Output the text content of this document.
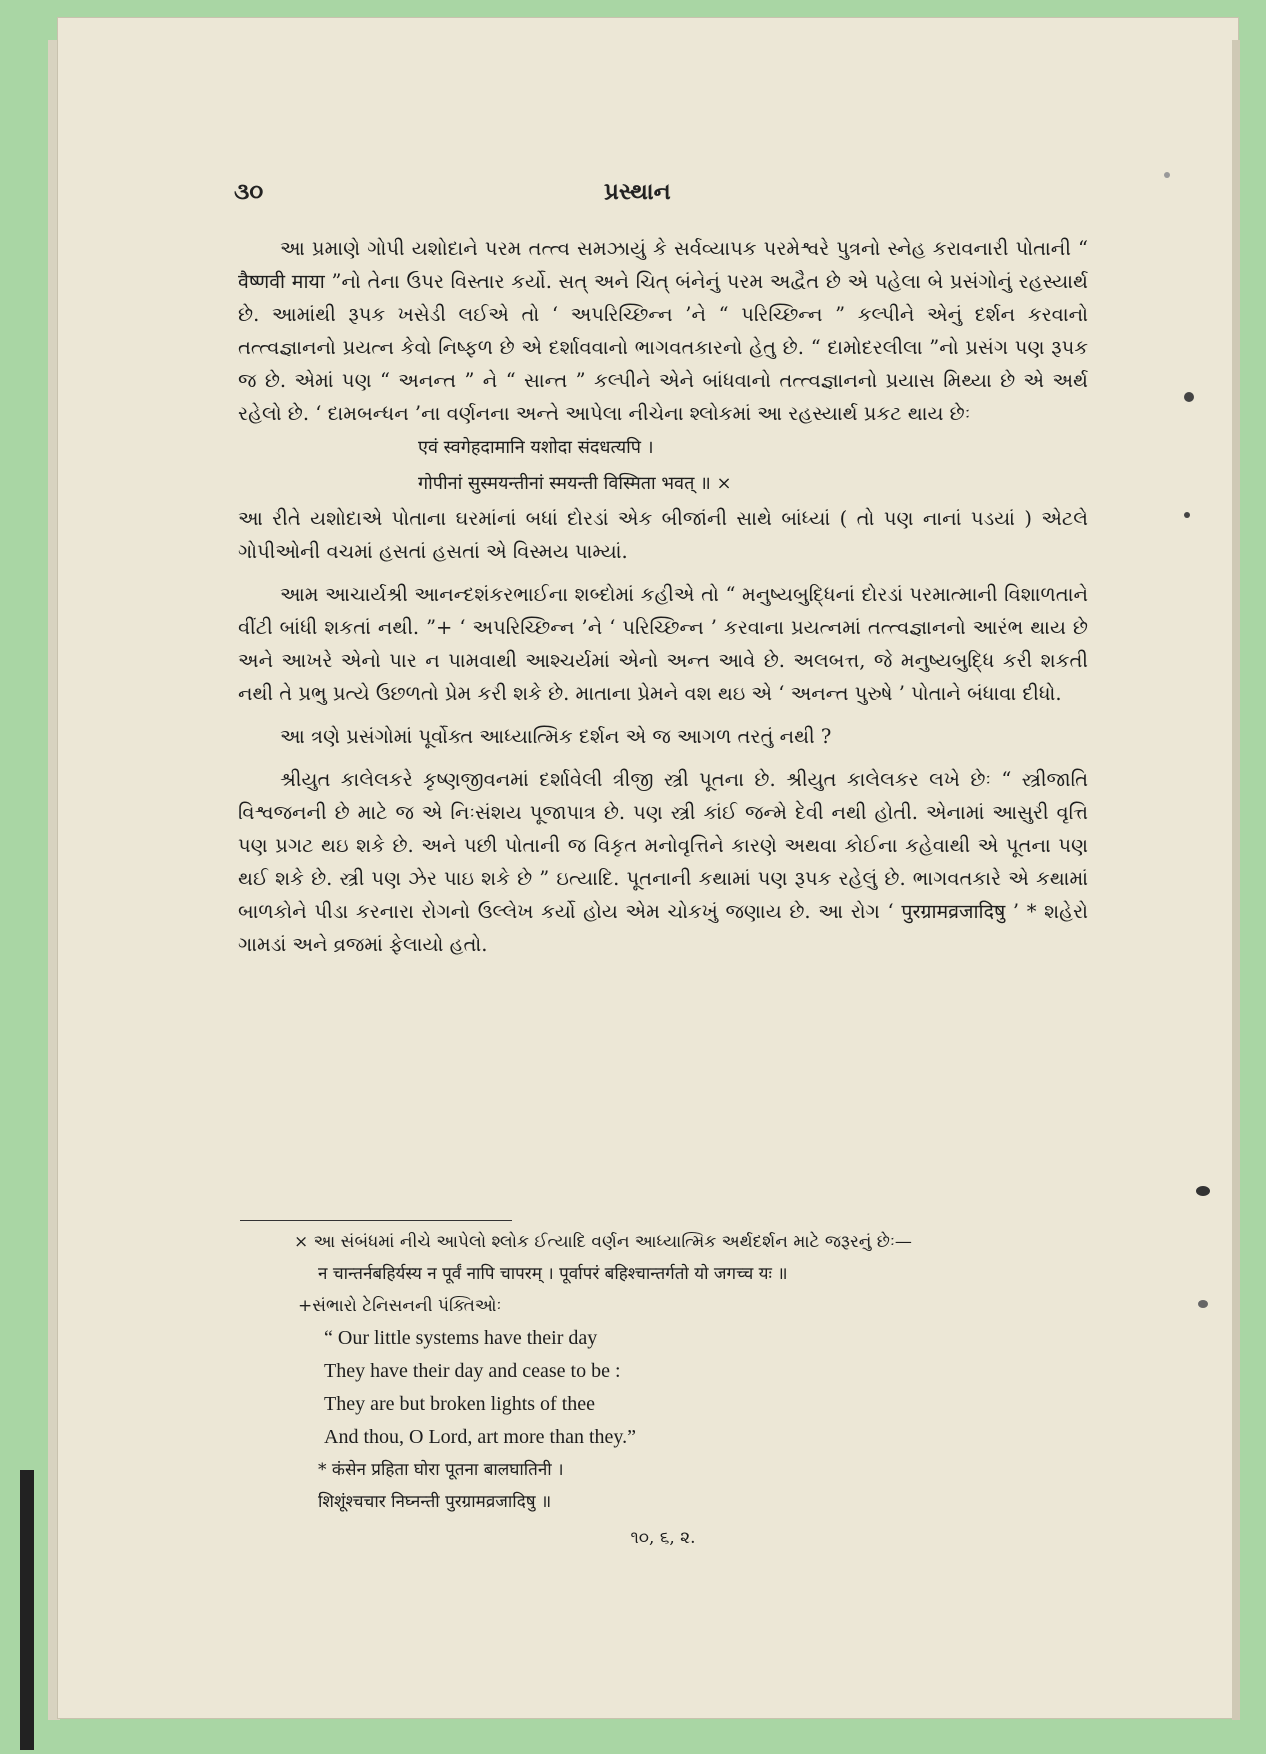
૩૦	પ્રસ્થાન

આ પ્રમાણે ગોપી યશોદાને પરમ તત્ત્વ સમઝાયું કે સર્વવ્યાપક પરમેશ્વરે પુત્રનો સ્નેહ કરાવનારી પોતાની “ वैष्णवी माया ”નો તેના ઉપર વિસ્તાર કર્યો. સત્ અને ચિત્ બંનેનું પરમ અદ્વૈત છે એ પહેલા બે પ્રસંગોનું રહસ્યાર્થ છે. આમાંથી રૂપક ખસેડી લઈએ તો ‘ અપરિચ્છિન્ન ’ને “ પરિચ્છિન્ન ” કલ્પીને એનું દર્શન કરવાનો તત્ત્વજ્ઞાનનો પ્રયત્ન કેવો નિષ્ફળ છે એ દર્શાવવાનો ભાગવતકારનો હેતુ છે. “ દામોદરલીલા ”નો પ્રસંગ પણ રૂપક જ છે. એમાં પણ “ અનન્ત ” ને “ સાન્ત ” કલ્પીને એને બાંધવાનો તત્ત્વજ્ઞાનનો પ્રયાસ મિથ્યા છે એ અર્થ રહેલો છે. ‘ દામબન્ધન ’ના વર્ણનના અન્તે આપેલા નીચેના શ્લોકમાં આ રહસ્યાર્થ પ્રકટ થાય છેઃ

एवं स्वगेहदामानि यशोदा संदधत्यपि ।

गोपीनां सुस्मयन्तीनां स्मयन्ती विस्मिता भवत् ॥ ×

આ રીતે યશોદાએ પોતાના ઘરમાંનાં બધાં દોરડાં એક બીજાંની સાથે બાંધ્યાં ( તો પણ નાનાં પડયાં ) એટલે ગોપીઓની વચમાં હસતાં હસતાં એ વિસ્મય પામ્યાં.

આમ આચાર્યશ્રી આનન્દશંકરભાઈના શબ્દોમાં કહીએ તો “ મનુષ્યબુદ્ધિનાં દોરડાં પરમાત્માની વિશાળતાને વીંટી બાંધી શકતાં નથી. ”+ ‘ અપરિચ્છિન્ન ’ને ‘ પરિચ્છિન્ન ’ કરવાના પ્રયત્નમાં તત્ત્વજ્ઞાનનો આરંભ થાય છે અને આખરે એનો પાર ન પામવાથી આશ્ચર્યમાં એનો અન્ત આવે છે. અલબત્ત, જે મનુષ્યબુદ્ધિ કરી શકતી નથી તે પ્રભુ પ્રત્યે ઉછળતો પ્રેમ કરી શકે છે. માતાના પ્રેમને વશ થઇ એ ‘ અનન્ત પુરુષે ’ પોતાને બંધાવા દીધો.

આ ત્રણે પ્રસંગોમાં પૂર્વોક્ત આધ્યાત્મિક દર્શન એ જ આગળ તરતું નથી ?

શ્રીયુત કાલેલકરે કૃષ્ણજીવનમાં દર્શાવેલી ત્રીજી સ્ત્રી પૂતના છે. શ્રીયુત કાલેલકર લખે છેઃ “ સ્ત્રીજાતિ વિશ્વજનની છે માટે જ એ નિઃસંશય પૂજાપાત્ર છે. પણ સ્ત્રી કાંઈ જન્મે દેવી નથી હોતી. એનામાં આસુરી વૃત્તિ પણ પ્રગટ થઇ શકે છે. અને પછી પોતાની જ વિકૃત મનોવૃત્તિને કારણે અથવા કોઈના કહેવાથી એ પૂતના પણ થઈ શકે છે. સ્ત્રી પણ ઝેર પાઇ શકે છે ” ઇત્યાદિ. પૂતનાની કથામાં પણ રૂપક રહેલું છે. ભાગવતકારે એ કથામાં બાળકોને પીડા કરનારા રોગનો ઉલ્લેખ કર્યો હોય એમ ચોકખું જણાય છે. આ રોગ ‘ पुरग्रामव्रजादिषु ’ * શહેરો ગામડાં અને વ્રજમાં ફેલાયો હતો.

× આ સંબંધમાં નીચે આપેલો શ્લોક ઈત્યાદિ વર્ણન આધ્યાત્મિક અર્થદર્શન માટે જરૂરનું છેઃ—

न चान्तर्नबहिर्यस्य न पूर्वं नापि चापरम् । पूर्वापरं बहिश्चान्तर्गतो यो जगच्च यः ॥

+સંભારો ટેનિસનની પંક્તિઓઃ

“ Our little systems have their day

They have their day and cease to be :

They are but broken lights of thee

And thou, O Lord, art more than they.”

* कंसेन प्रहिता घोरा पूतना बालघातिनी ।

शिशूंश्चचार निघ्नन्ती पुरग्रामव्रजादिषु ॥

૧૦, ૬, ૨.
